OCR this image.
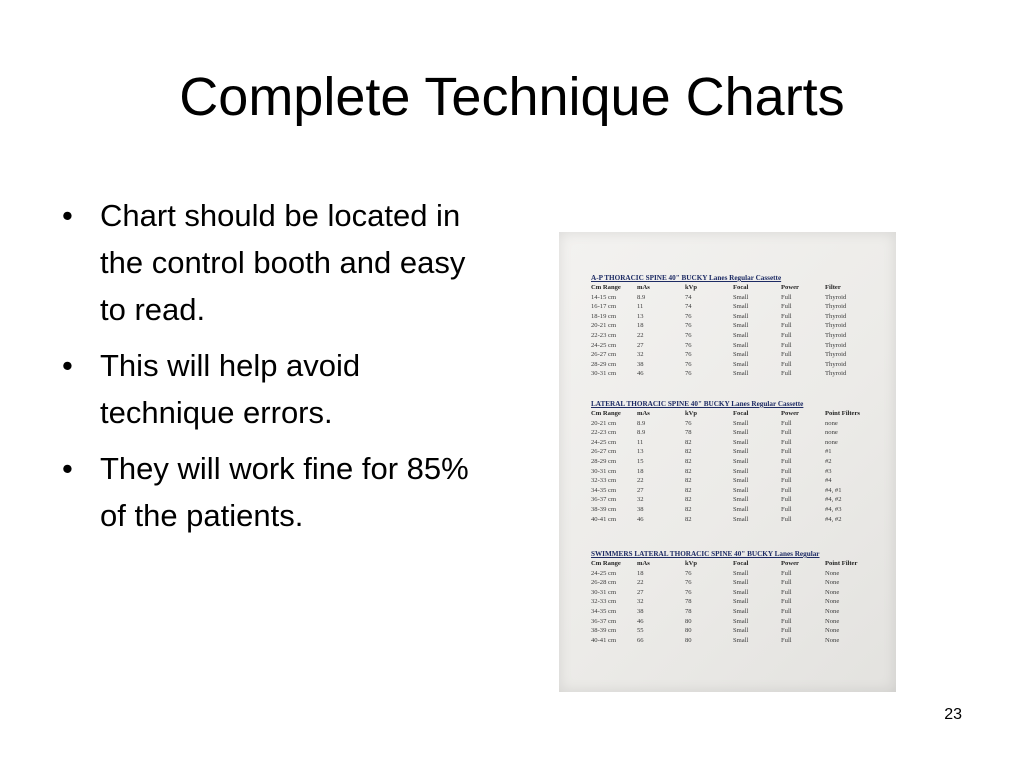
Complete Technique Charts
• Chart should be located in the control booth and easy to read.
• This will help avoid technique errors.
• They will work fine for 85% of the patients.
A-P THORACIC SPINE 40" BUCKY Lanes Regular Cassette
Cm Range	mAs	kVp	Focal	Power	Filter
14-15 cm	8.9	74	Small	Full	Thyroid
16-17 cm	11	74	Small	Full	Thyroid
18-19 cm	13	76	Small	Full	Thyroid
20-21 cm	18	76	Small	Full	Thyroid
22-23 cm	22	76	Small	Full	Thyroid
24-25 cm	27	76	Small	Full	Thyroid
26-27 cm	32	76	Small	Full	Thyroid
28-29 cm	38	76	Small	Full	Thyroid
30-31 cm	46	76	Small	Full	Thyroid
LATERAL THORACIC SPINE 40" BUCKY Lanes Regular Cassette
Cm Range	mAs	kVp	Focal	Power	Point Filters
20-21 cm	8.9	76	Small	Full	none
22-23 cm	8.9	78	Small	Full	none
24-25 cm	11	82	Small	Full	none
26-27 cm	13	82	Small	Full	#1
28-29 cm	15	82	Small	Full	#2
30-31 cm	18	82	Small	Full	#3
32-33 cm	22	82	Small	Full	#4
34-35 cm	27	82	Small	Full	#4, #1
36-37 cm	32	82	Small	Full	#4, #2
38-39 cm	38	82	Small	Full	#4, #3
40-41 cm	46	82	Small	Full	#4, #2
SWIMMERS LATERAL THORACIC SPINE 40" BUCKY Lanes Regular
Cm Range	mAs	kVp	Focal	Power	Point Filter
24-25 cm	18	76	Small	Full	None
26-28 cm	22	76	Small	Full	None
30-31 cm	27	76	Small	Full	None
32-33 cm	32	78	Small	Full	None
34-35 cm	38	78	Small	Full	None
36-37 cm	46	80	Small	Full	None
38-39 cm	55	80	Small	Full	None
40-41 cm	66	80	Small	Full	None
23
